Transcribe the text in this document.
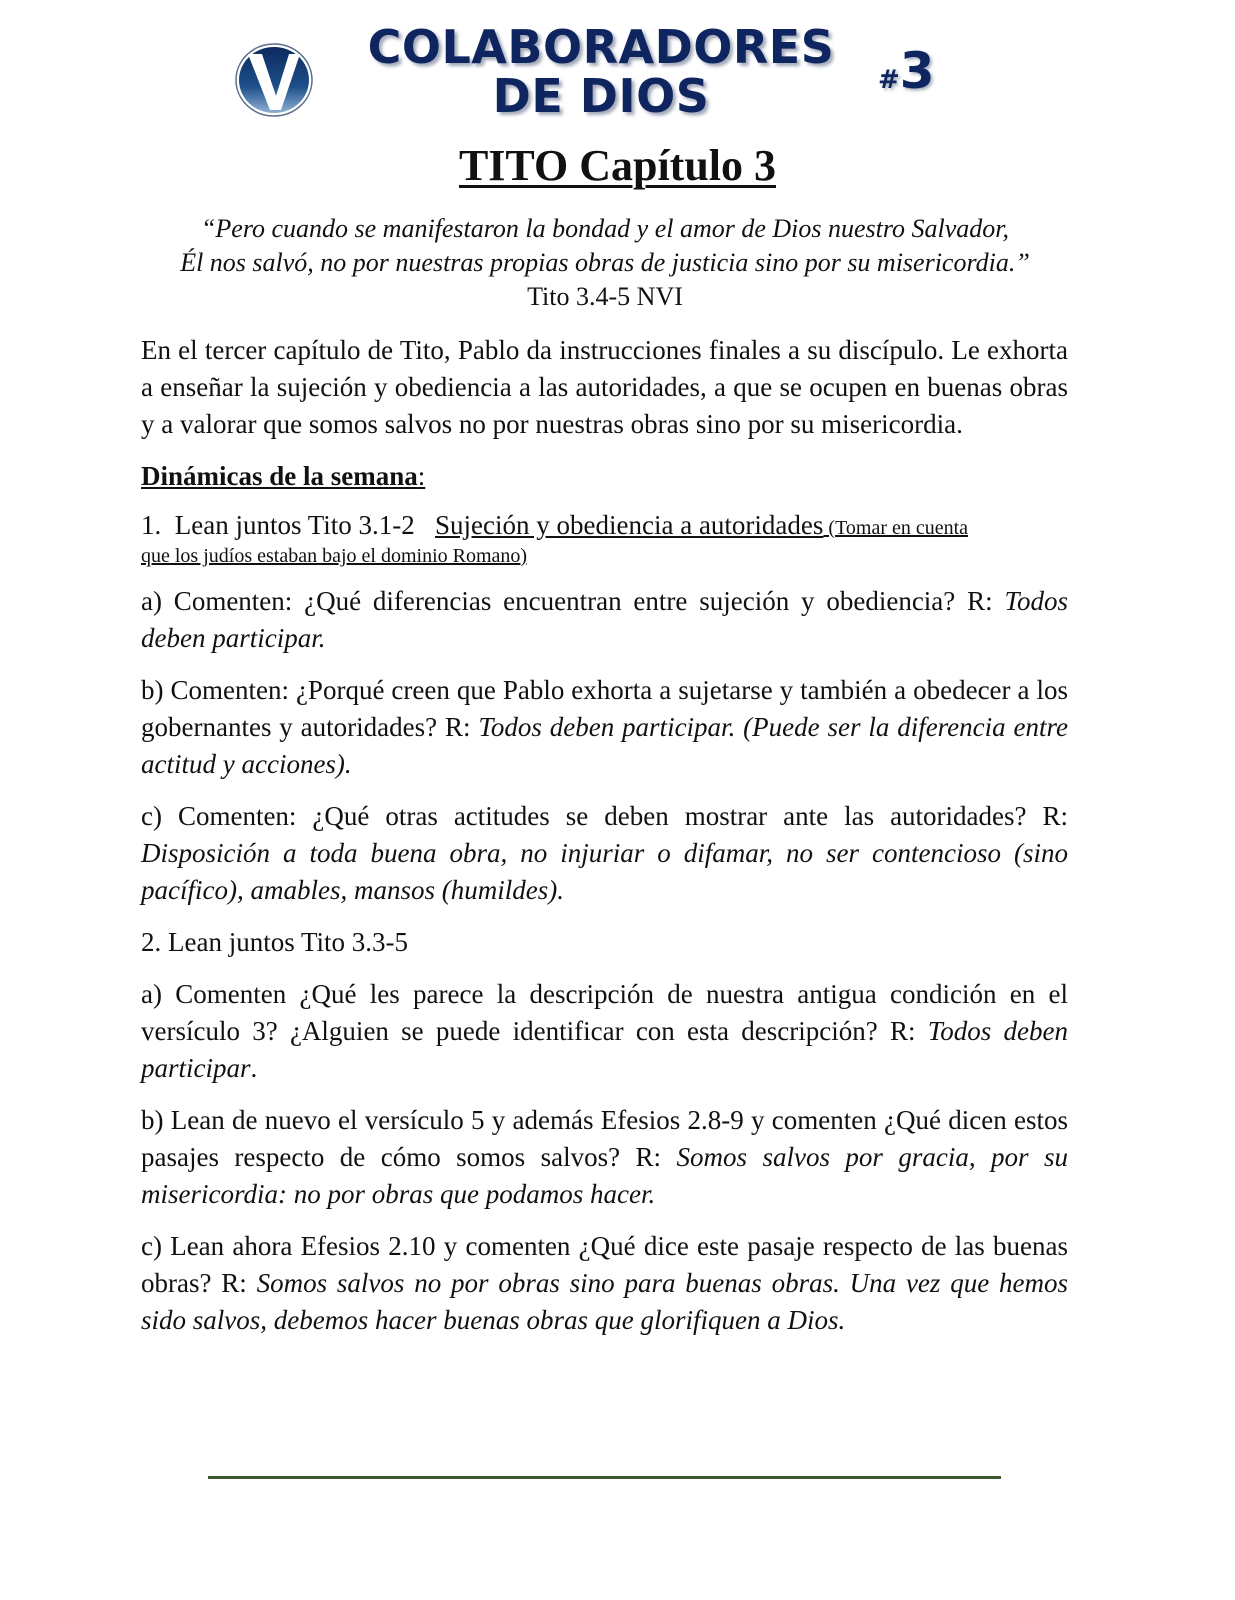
COLABORADORES
DE DIOS	#3
TITO Capítulo 3
“Pero cuando se manifestaron la bondad y el amor de Dios nuestro Salvador,
Él nos salvó, no por nuestras propias obras de justicia sino por su misericordia.”
Tito 3.4-5 NVI

En el tercer capítulo de Tito, Pablo da instrucciones finales a su discípulo. Le exhorta a enseñar la sujeción y obediencia a las autoridades, a que se ocupen en buenas obras y a valorar que somos salvos no por nuestras obras sino por su misericordia.

Dinámicas de la semana:

1.  Lean juntos Tito 3.1-2   Sujeción y obediencia a autoridades (Tomar en cuenta
que los judíos estaban bajo el dominio Romano)

a) Comenten: ¿Qué diferencias encuentran entre sujeción y obediencia? R: Todos deben participar.

b) Comenten: ¿Porqué creen que Pablo exhorta a sujetarse y también a obedecer a los gobernantes y autoridades? R: Todos deben participar. (Puede ser la diferencia entre actitud y acciones).

c) Comenten: ¿Qué otras actitudes se deben mostrar ante las autoridades? R: Disposición a toda buena obra, no injuriar o difamar, no ser contencioso (sino pacífico), amables, mansos (humildes).

2. Lean juntos Tito 3.3-5

a) Comenten ¿Qué les parece la descripción de nuestra antigua condición en el versículo 3? ¿Alguien se puede identificar con esta descripción? R: Todos deben participar.

b) Lean de nuevo el versículo 5 y además Efesios 2.8-9 y comenten ¿Qué dicen estos pasajes respecto de cómo somos salvos? R: Somos salvos por gracia, por su misericordia: no por obras que podamos hacer.

c) Lean ahora Efesios 2.10 y comenten ¿Qué dice este pasaje respecto de las buenas obras? R: Somos salvos no por obras sino para buenas obras. Una vez que hemos sido salvos, debemos hacer buenas obras que glorifiquen a Dios.
